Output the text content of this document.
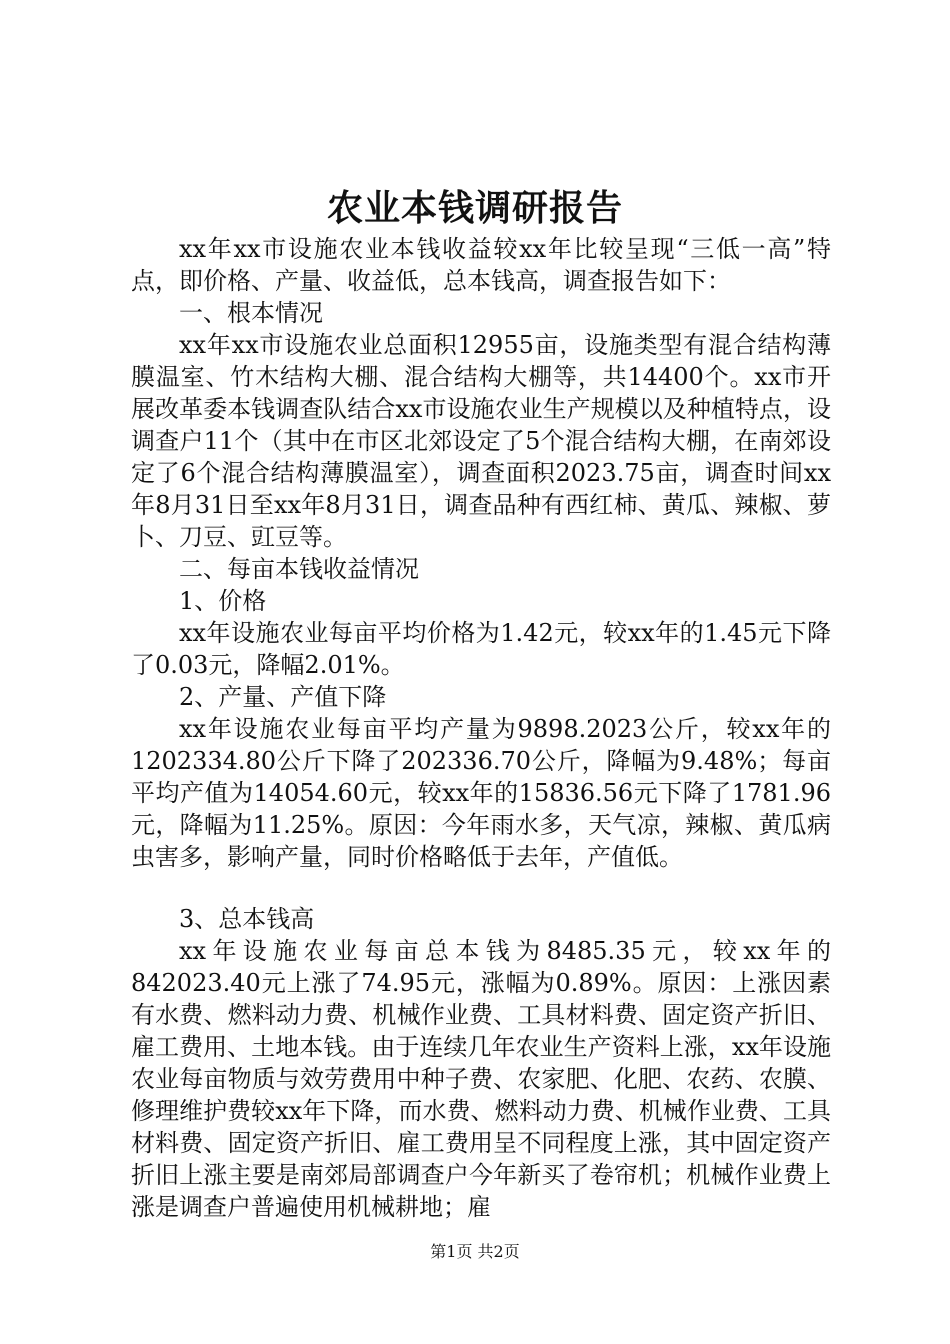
农业本钱调研报告

xx年xx市设施农业本钱收益较xx年比较呈现“三低一高”特点，即价格、产量、收益低，总本钱高，调查报告如下：

一、根本情况

xx年xx市设施农业总面积12955亩，设施类型有混合结构薄膜温室、竹木结构大棚、混合结构大棚等，共14400个。xx市开展改革委本钱调查队结合xx市设施农业生产规模以及种植特点，设调查户11个（其中在市区北郊设定了5个混合结构大棚，在南郊设定了6个混合结构薄膜温室），调查面积2023.75亩，调查时间xx年8月31日至xx年8月31日，调查品种有西红柿、黄瓜、辣椒、萝卜、刀豆、豇豆等。

二、每亩本钱收益情况

1、价格

xx年设施农业每亩平均价格为1.42元，较xx年的1.45元下降了0.03元，降幅2.01%。

2、产量、产值下降

xx年设施农业每亩平均产量为9898.2023公斤，较xx年的1202334.80公斤下降了202336.70公斤，降幅为9.48%；每亩平均产值为14054.60元，较xx年的15836.56元下降了1781.96元，降幅为11.25%。原因：今年雨水多，天气凉，辣椒、黄瓜病虫害多，影响产量，同时价格略低于去年，产值低。

3、总本钱高

xx年设施农业每亩总本钱为8485.35元，较xx年的842023.40元上涨了74.95元，涨幅为0.89%。原因：上涨因素有水费、燃料动力费、机械作业费、工具材料费、固定资产折旧、雇工费用、土地本钱。由于连续几年农业生产资料上涨，xx年设施农业每亩物质与效劳费用中种子费、农家肥、化肥、农药、农膜、修理维护费较xx年下降，而水费、燃料动力费、机械作业费、工具材料费、固定资产折旧、雇工费用呈不同程度上涨，其中固定资产折旧上涨主要是南郊局部调查户今年新买了卷帘机；机械作业费上涨是调查户普遍使用机械耕地；雇

第1页 共2页
